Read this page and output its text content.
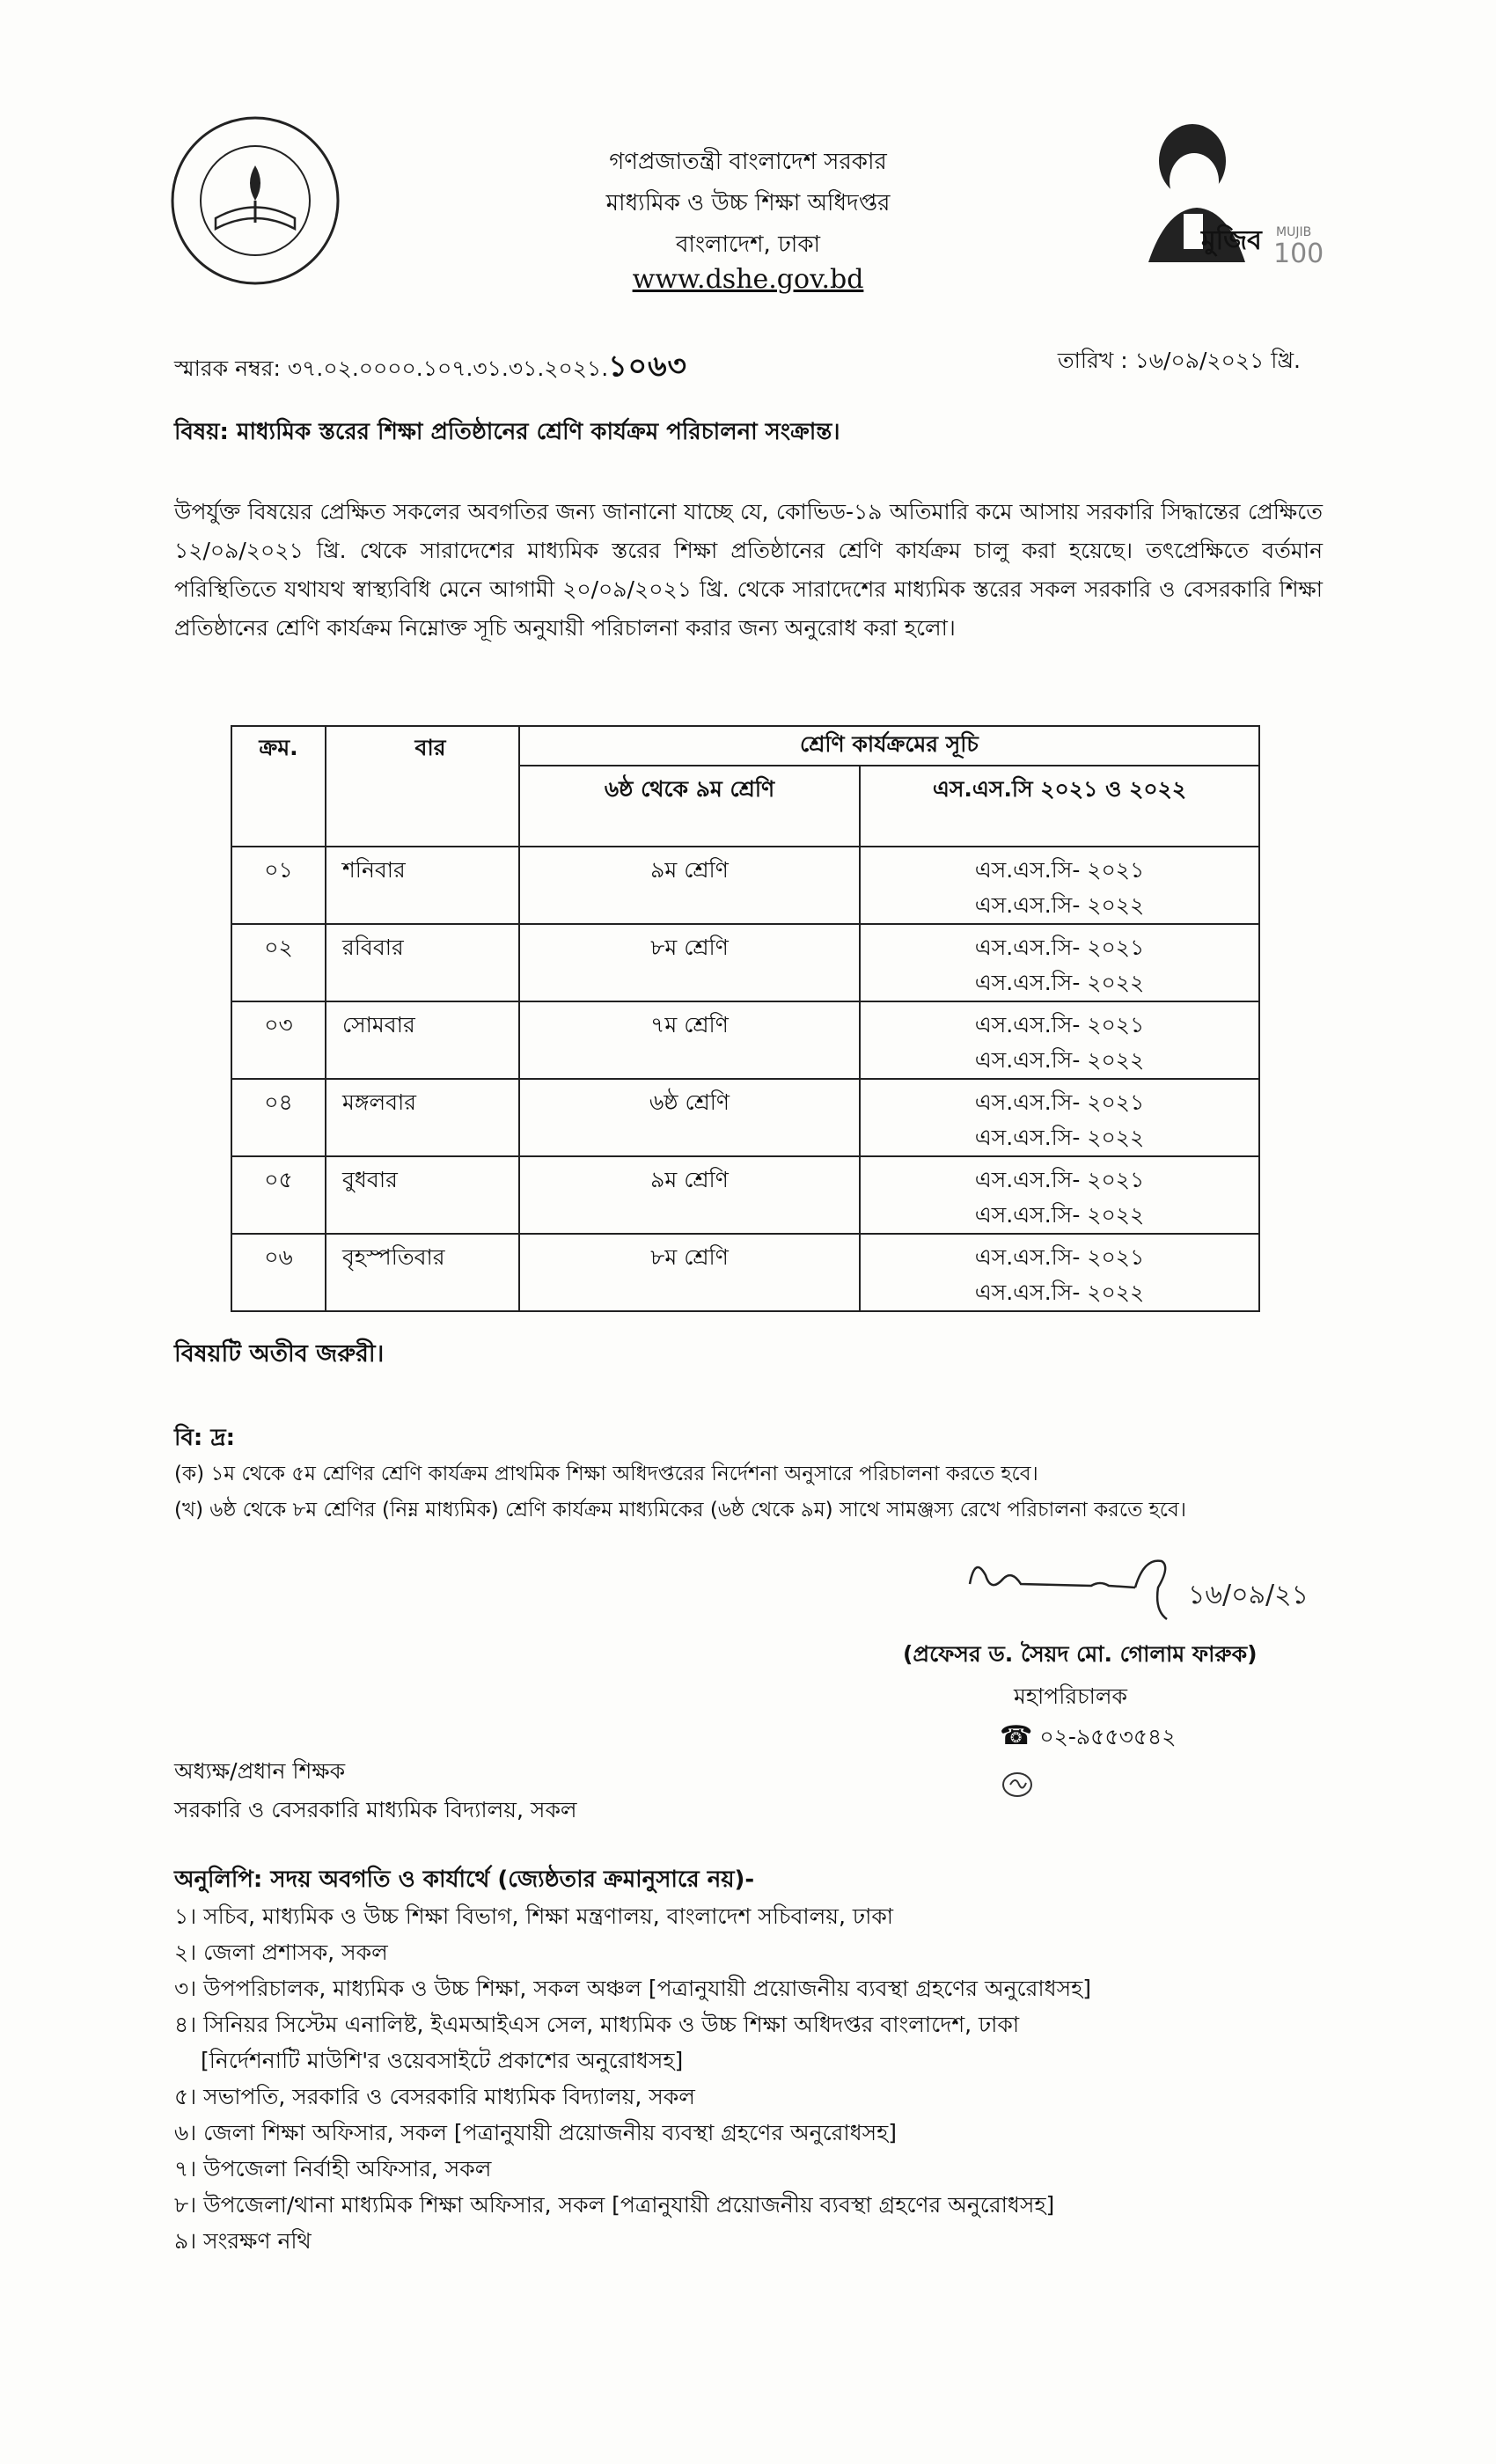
মুজিব MUJIB
100
গণপ্রজাতন্ত্রী বাংলাদেশ সরকার
মাধ্যমিক ও উচ্চ শিক্ষা অধিদপ্তর
বাংলাদেশ, ঢাকা
www.dshe.gov.bd
স্মারক নম্বর: ৩৭.০২.০০০০.১০৭.৩১.৩১.২০২১.১০৬৩	তারিখ : ১৬/০৯/২০২১ খ্রি.
বিষয়: মাধ্যমিক স্তরের শিক্ষা প্রতিষ্ঠানের শ্রেণি কার্যক্রম পরিচালনা সংক্রান্ত।
উপর্যুক্ত বিষয়ের প্রেক্ষিত সকলের অবগতির জন্য জানানো যাচ্ছে যে, কোভিড-১৯ অতিমারি কমে আসায় সরকারি সিদ্ধান্তের প্রেক্ষিতে ১২/০৯/২০২১ খ্রি. থেকে সারাদেশের মাধ্যমিক স্তরের শিক্ষা প্রতিষ্ঠানের শ্রেণি কার্যক্রম চালু করা হয়েছে। তৎপ্রেক্ষিতে বর্তমান পরিস্থিতিতে যথাযথ স্বাস্থ্যবিধি মেনে আগামী ২০/০৯/২০২১ খ্রি. থেকে সারাদেশের মাধ্যমিক স্তরের সকল সরকারি ও বেসরকারি শিক্ষা প্রতিষ্ঠানের শ্রেণি কার্যক্রম নিম্নোক্ত সূচি অনুযায়ী পরিচালনা করার জন্য অনুরোধ করা হলো।
ক্রম.	বার	শ্রেণি কার্যক্রমের সূচি	
		৬ষ্ঠ থেকে ৯ম শ্রেণি	এস.এস.সি ২০২১ ও ২০২২

০১	শনিবার	৯ম শ্রেণি	এস.এস.সি- ২০২১
এস.এস.সি- ২০২২

০২	রবিবার	৮ম শ্রেণি	এস.এস.সি- ২০২১
এস.এস.সি- ২০২২

০৩	সোমবার	৭ম শ্রেণি	এস.এস.সি- ২০২১
এস.এস.সি- ২০২২

০৪	মঙ্গলবার	৬ষ্ঠ শ্রেণি	এস.এস.সি- ২০২১
এস.এস.সি- ২০২২

০৫	বুধবার	৯ম শ্রেণি	এস.এস.সি- ২০২১
এস.এস.সি- ২০২২

০৬	বৃহস্পতিবার	৮ম শ্রেণি	এস.এস.সি- ২০২১
এস.এস.সি- ২০২২
বিষয়টি অতীব জরুরী।
বি: দ্র:
(ক) ১ম থেকে ৫ম শ্রেণির শ্রেণি কার্যক্রম প্রাথমিক শিক্ষা অধিদপ্তরের নির্দেশনা অনুসারে পরিচালনা করতে হবে।
(খ) ৬ষ্ঠ থেকে ৮ম শ্রেণির (নিম্ন মাধ্যমিক) শ্রেণি কার্যক্রম মাধ্যমিকের (৬ষ্ঠ থেকে ৯ম) সাথে সামঞ্জস্য রেখে পরিচালনা করতে হবে।
১৬/০৯/২১
(প্রফেসর ড. সৈয়দ মো. গোলাম ফারুক)
মহাপরিচালক
☎ ০২-৯৫৫৩৫৪২
অধ্যক্ষ/প্রধান শিক্ষক
সরকারি ও বেসরকারি মাধ্যমিক বিদ্যালয়, সকল
অনুলিপি: সদয় অবগতি ও কার্যার্থে (জ্যেষ্ঠতার ক্রমানুসারে নয়)-
১। সচিব, মাধ্যমিক ও উচ্চ শিক্ষা বিভাগ, শিক্ষা মন্ত্রণালয়, বাংলাদেশ সচিবালয়, ঢাকা
২। জেলা প্রশাসক, সকল
৩। উপপরিচালক, মাধ্যমিক ও উচ্চ শিক্ষা, সকল অঞ্চল [পত্রানুযায়ী প্রয়োজনীয় ব্যবস্থা গ্রহণের অনুরোধসহ]
৪। সিনিয়র সিস্টেম এনালিষ্ট, ইএমআইএস সেল, মাধ্যমিক ও উচ্চ শিক্ষা অধিদপ্তর বাংলাদেশ, ঢাকা
[নির্দেশনাটি মাউশি'র ওয়েবসাইটে প্রকাশের অনুরোধসহ]
৫। সভাপতি, সরকারি ও বেসরকারি মাধ্যমিক বিদ্যালয়, সকল
৬। জেলা শিক্ষা অফিসার, সকল [পত্রানুযায়ী প্রয়োজনীয় ব্যবস্থা গ্রহণের অনুরোধসহ]
৭। উপজেলা নির্বাহী অফিসার, সকল
৮। উপজেলা/থানা মাধ্যমিক শিক্ষা অফিসার, সকল [পত্রানুযায়ী প্রয়োজনীয় ব্যবস্থা গ্রহণের অনুরোধসহ]
৯। সংরক্ষণ নথি
